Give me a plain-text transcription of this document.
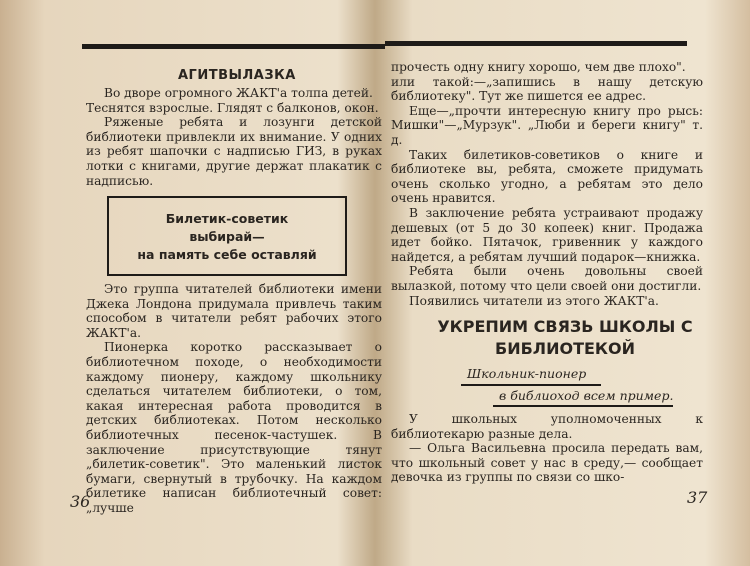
АГИТВЫЛАЗКА

Во дворе огромного ЖАКТ'а толпа детей.

Теснятся взрослые. Глядят с балконов, окон.

Ряженые ребята и лозунги детской библиотеки привлекли их внимание. У одних из ребят шапочки с надписью ГИЗ, в руках лотки с книгами, другие держат плакатик с надписью.

Билетик-советик
выбирай—
на память себе оставляй

Это группа читателей библиотеки имени Джека Лондона придумала привлечь таким способом в читатели ребят рабочих этого ЖАКТ'а.

Пионерка коротко рассказывает о библиотечном походе, о необходимости каждому пионеру, каждому школьнику сделаться читателем библиотеки, о том, какая интересная работа проводится в детских библиотеках. Потом несколько библиотечных песенок-частушек. В заключение присутствующие тянут „билетик-советик". Это маленький листок бумаги, свернутый в трубочку. На каждом билетике написан библиотечный совет: „лучше

36

прочесть одну книгу хорошо, чем две плохо".

или такой:—„запишись в нашу детскую библиотеку". Тут же пишется ее адрес.

Еще—„прочти интересную книгу про рысь: Мишки"—„Мурзук". „Люби и береги книгу" т. д.

Таких билетиков-советиков о книге и библиотеке вы, ребята, сможете придумать очень сколько угодно, а ребятам это дело очень нравится.

В заключение ребята устраивают продажу дешевых (от 5 до 30 копеек) книг. Продажа идет бойко. Пятачок, гривенник у каждого найдется, а ребятам лучший подарок—книжка.

Ребята были очень довольны своей вылазкой, потому что цели своей они достигли.

Появились читатели из этого ЖАКТ'а.

УКРЕПИМ СВЯЗЬ ШКОЛЫ С БИБЛИОТЕКОЙ
Школьник-пионер
в библиоход всем пример.

У школьных уполномоченных к библиотекарю разные дела.

— Ольга Васильевна просила передать вам, что школьный совет у нас в среду,— сообщает девочка из группы по связи со шко-

37
